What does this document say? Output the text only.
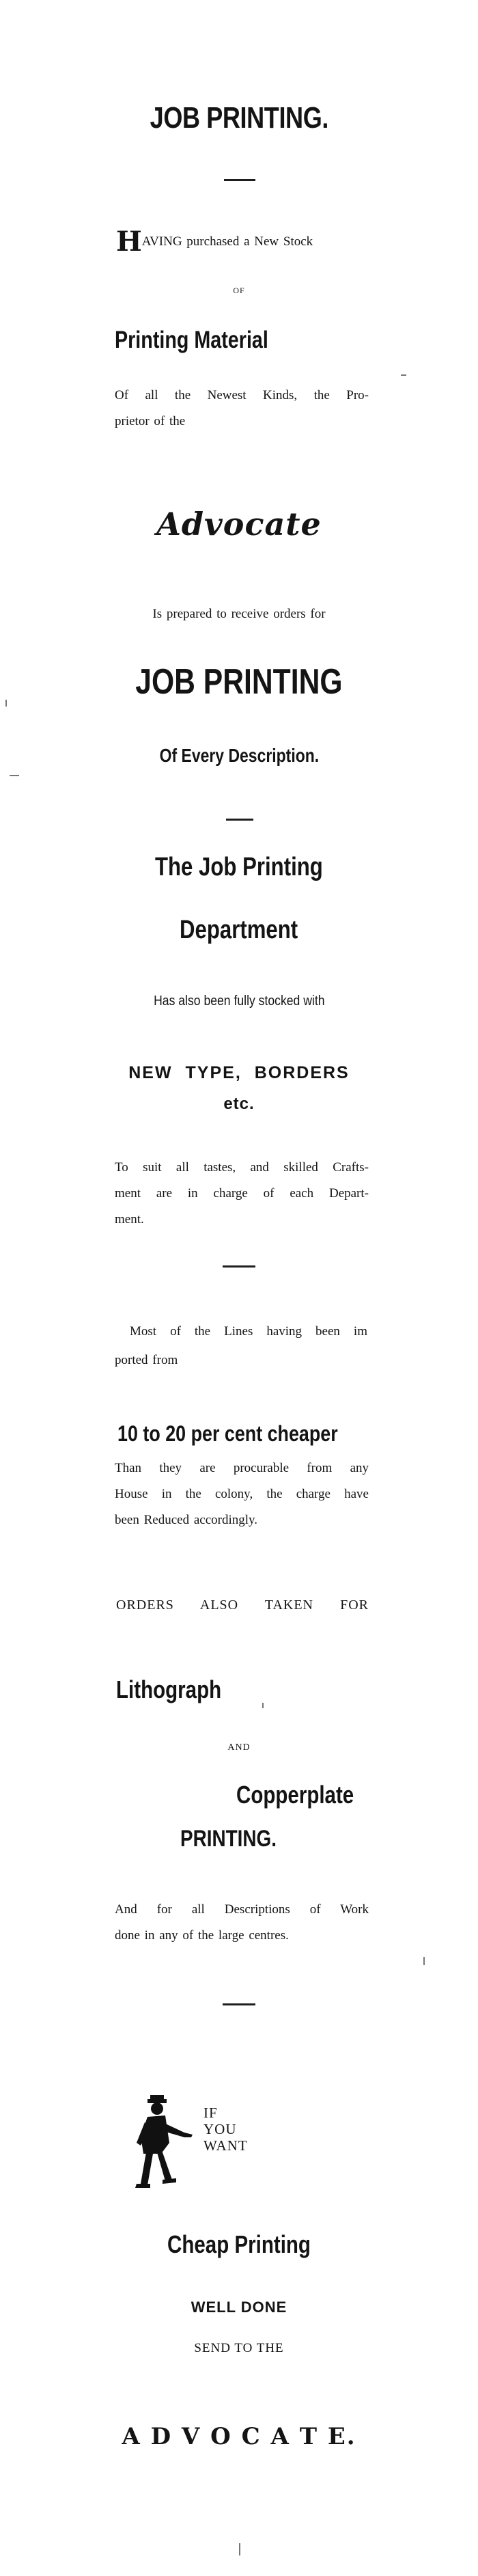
JOB PRINTING.
HAVING purchased a New Stock
OF
Printing Material
Of all the Newest Kinds, the Pro-
prietor of the
Advocate
Is prepared to receive orders for
JOB PRINTING
Of Every Description.
The Job Printing
Department
Has also been fully stocked with
NEW TYPE, BORDERS
etc.
To suit all tastes, and skilled Crafts-
ment are in charge of each Depart-
ment.
Most of the Lines having been im
ported from
10 to 20 per cent cheaper
Than they are procurable from any
House in the colony, the charge have
been Reduced accordingly.
ORDERS ALSO TAKEN FOR
Lithograph
AND
Copperplate
PRINTING.
And for all Descriptions of Work
done in any of the large centres.
IF
YOU
WANT
Cheap Printing
WELL DONE
SEND TO THE
A D V O C A T E.
